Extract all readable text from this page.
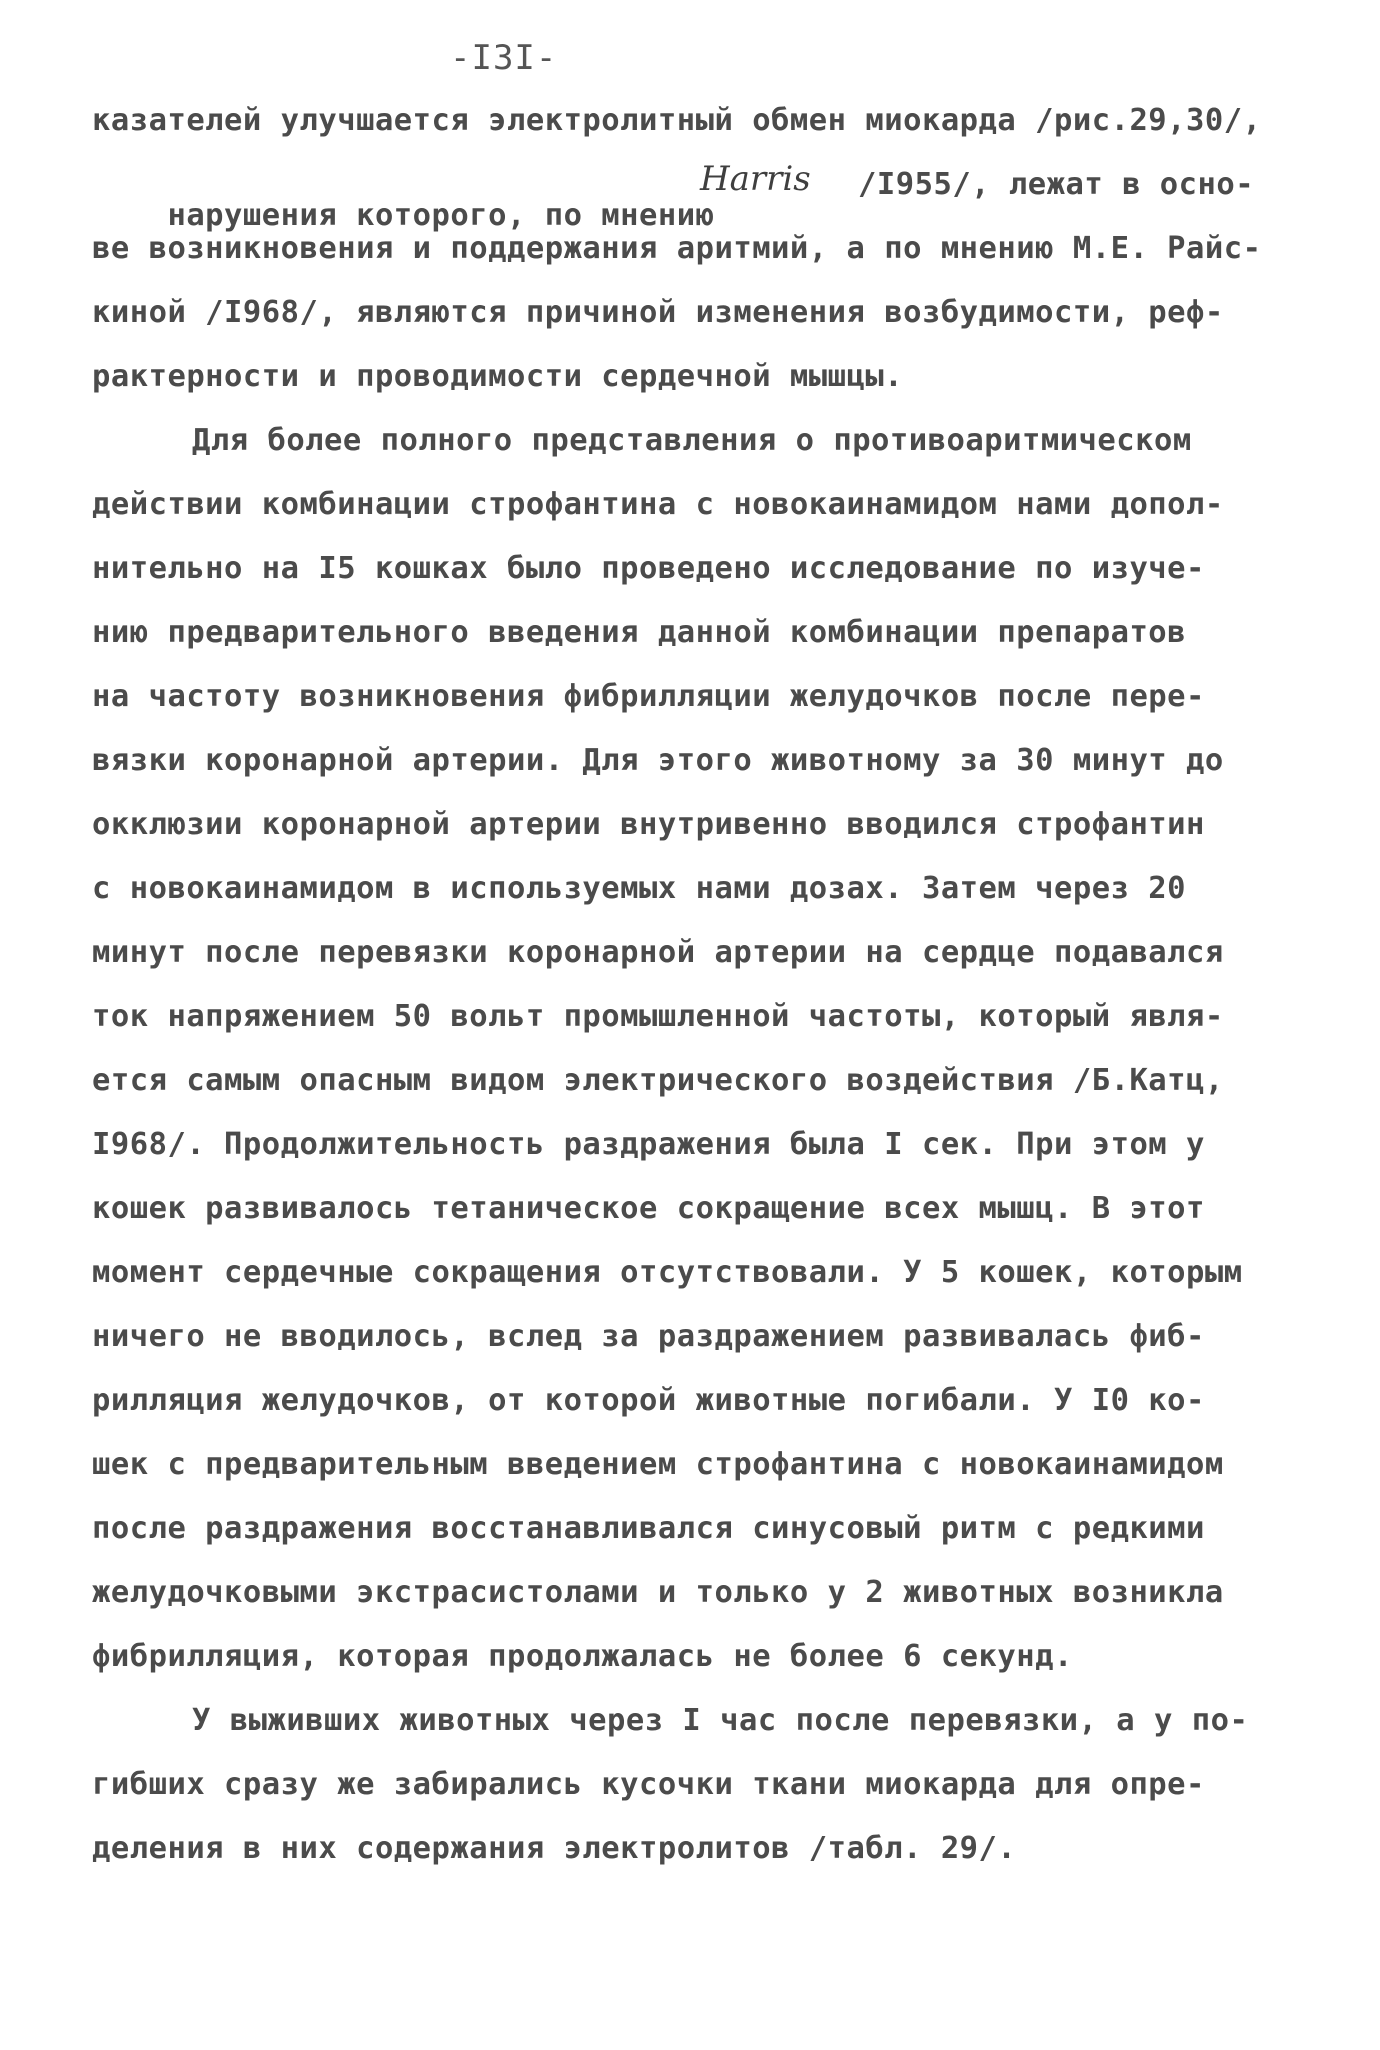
-I3I-
казателей улучшается электролитный обмен миокарда /рис.29,30/,

нарушения которого, по мнению

Harris /I955/, лежат в осно-
ве возникновения и поддержания аритмий, а по мнению М.Е. Райс-
киной /I968/, являются причиной изменения возбудимости, реф-
рактерности и проводимости сердечной мышцы.
Для более полного представления о противоаритмическом
действии комбинации строфантина с новокаинамидом нами допол-
нительно на I5 кошках было проведено исследование по изуче-
нию предварительного введения данной комбинации препаратов
на частоту возникновения фибрилляции желудочков после пере-
вязки коронарной артерии. Для этого животному за 30 минут до
окклюзии коронарной артерии внутривенно вводился строфантин
с новокаинамидом в используемых нами дозах. Затем через 20
минут после перевязки коронарной артерии на сердце подавался
ток напряжением 50 вольт промышленной частоты, который явля-
ется самым опасным видом электрического воздействия /Б.Катц,
I968/. Продолжительность раздражения была I сек. При этом у
кошек развивалось тетаническое сокращение всех мышц. В этот
момент сердечные сокращения отсутствовали. У 5 кошек, которым
ничего не вводилось, вслед за раздражением развивалась фиб-
рилляция желудочков, от которой животные погибали. У I0 ко-
шек с предварительным введением строфантина с новокаинамидом
после раздражения восстанавливался синусовый ритм с редкими
желудочковыми экстрасистолами и только у 2 животных возникла
фибрилляция, которая продолжалась не более 6 секунд.
У выживших животных через I час после перевязки, а у по-
гибших сразу же забирались кусочки ткани миокарда для опре-
деления в них содержания электролитов /табл. 29/.
